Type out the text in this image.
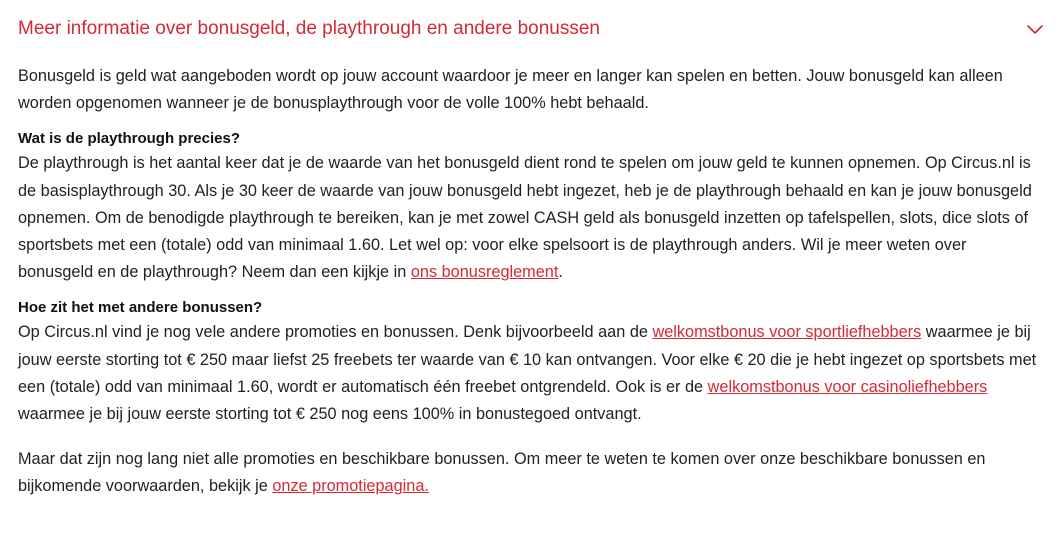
Meer informatie over bonusgeld, de playthrough en andere bonussen

Bonusgeld is geld wat aangeboden wordt op jouw account waardoor je meer en langer kan spelen en betten. Jouw bonusgeld kan alleen worden opgenomen wanneer je de bonusplaythrough voor de volle 100% hebt behaald.

Wat is de playthrough precies?

De playthrough is het aantal keer dat je de waarde van het bonusgeld dient rond te spelen om jouw geld te kunnen opnemen. Op Circus.nl is de basisplaythrough 30. Als je 30 keer de waarde van jouw bonusgeld hebt ingezet, heb je de playthrough behaald en kan je jouw bonusgeld opnemen. Om de benodigde playthrough te bereiken, kan je met zowel CASH geld als bonusgeld inzetten op tafelspellen, slots, dice slots of sportsbets met een (totale) odd van minimaal 1.60. Let wel op: voor elke spelsoort is de playthrough anders. Wil je meer weten over bonusgeld en de playthrough? Neem dan een kijkje in ons bonusreglement.

Hoe zit het met andere bonussen?

Op Circus.nl vind je nog vele andere promoties en bonussen. Denk bijvoorbeeld aan de welkomstbonus voor sportliefhebbers waarmee je bij jouw eerste storting tot € 250 maar liefst 25 freebets ter waarde van € 10 kan ontvangen. Voor elke € 20 die je hebt ingezet op sportsbets met een (totale) odd van minimaal 1.60, wordt er automatisch één freebet ontgrendeld. Ook is er de welkomstbonus voor casinoliefhebbers waarmee je bij jouw eerste storting tot € 250 nog eens 100% in bonustegoed ontvangt.

Maar dat zijn nog lang niet alle promoties en beschikbare bonussen. Om meer te weten te komen over onze beschikbare bonussen en bijkomende voorwaarden, bekijk je onze promotiepagina.
